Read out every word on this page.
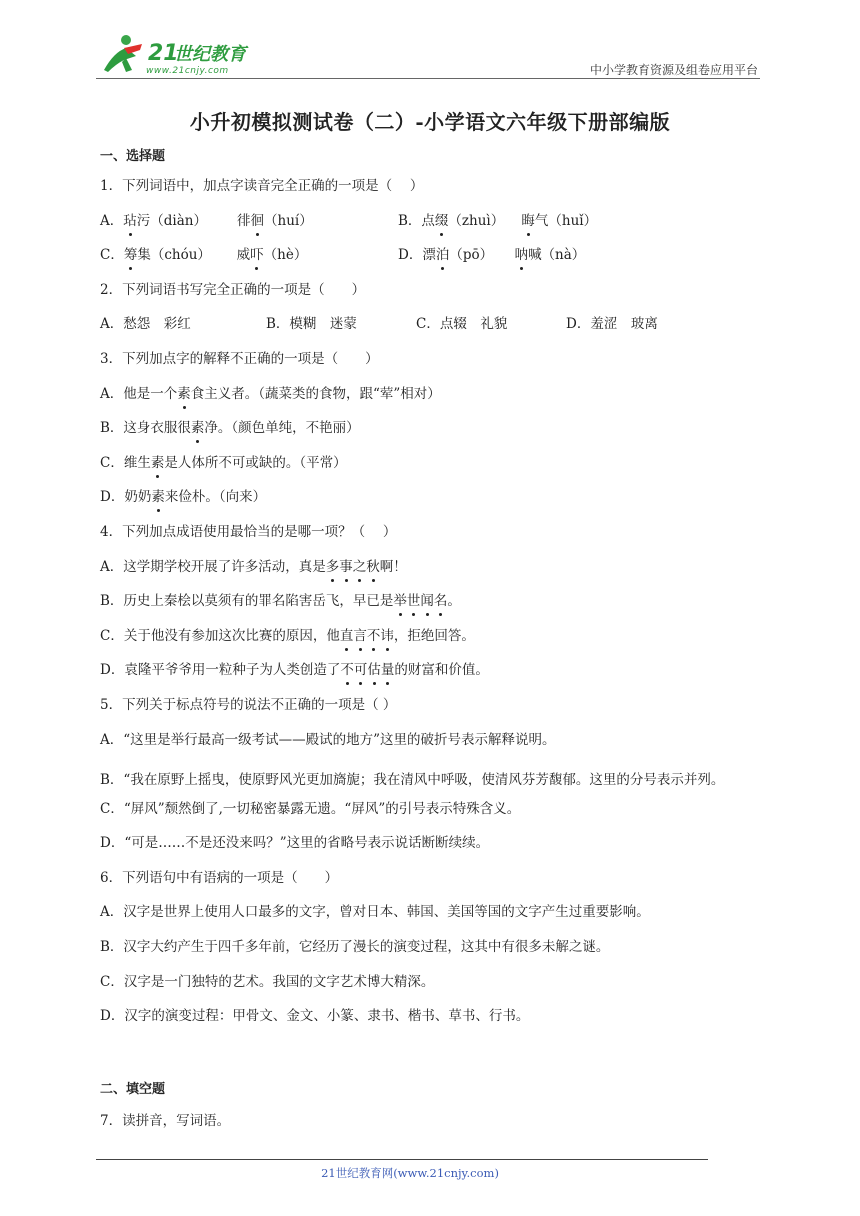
21
世纪教育
www.21cnjy.com	中小学教育资源及组卷应用平台
小升初模拟测试卷（二）-小学语文六年级下册部编版
一、选择题
1．下列词语中，加点字读音完全正确的一项是（　 ）
A．玷污（diàn）       徘徊（huí）	B．点缀（zhuì）    晦气（huǐ）
C．筹集（chóu）      威吓（hè）	D．漂泊（pō）     呐喊（nà）
2．下列词语书写完全正确的一项是（　　）
A．愁怨　彩红	B．模糊　迷蒙	C．点辍　礼貌	D．羞涩　玻离
3．下列加点字的解释不正确的一项是（　　）
A．他是一个素食主义者。（蔬菜类的食物，跟“荤”相对）
B．这身衣服很素净。（颜色单纯，不艳丽）
C．维生素是人体所不可或缺的。（平常）
D．奶奶素来俭朴。（向来）
4．下列加点成语使用最恰当的是哪一项？（　 ）
A．这学期学校开展了许多活动，真是多事之秋啊！
B．历史上秦桧以莫须有的罪名陷害岳飞，早已是举世闻名。
C．关于他没有参加这次比赛的原因，他直言不讳，拒绝回答。
D．袁隆平爷爷用一粒种子为人类创造了不可估量的财富和价值。
5．下列关于标点符号的说法不正确的一项是（ ）
A．“这里是举行最高一级考试——殿试的地方”这里的破折号表示解释说明。
B．“我在原野上摇曳，使原野风光更加旖旎；我在清风中呼吸，使清风芬芳馥郁。这里的分号表示并列。
C．“屏风”颓然倒了,一切秘密暴露无遗。“屏风”的引号表示特殊含义。
D．“可是……不是还没来吗？”这里的省略号表示说话断断续续。
6．下列语句中有语病的一项是（　　）
A．汉字是世界上使用人口最多的文字，曾对日本、韩国、美国等国的文字产生过重要影响。
B．汉字大约产生于四千多年前，它经历了漫长的演变过程，这其中有很多未解之谜。
C．汉字是一门独特的艺术。我国的文字艺术博大精深。
D．汉字的演变过程：甲骨文、金文、小篆、隶书、楷书、草书、行书。
二、填空题
7．读拼音，写词语。
21世纪教育网(www.21cnjy.com)
